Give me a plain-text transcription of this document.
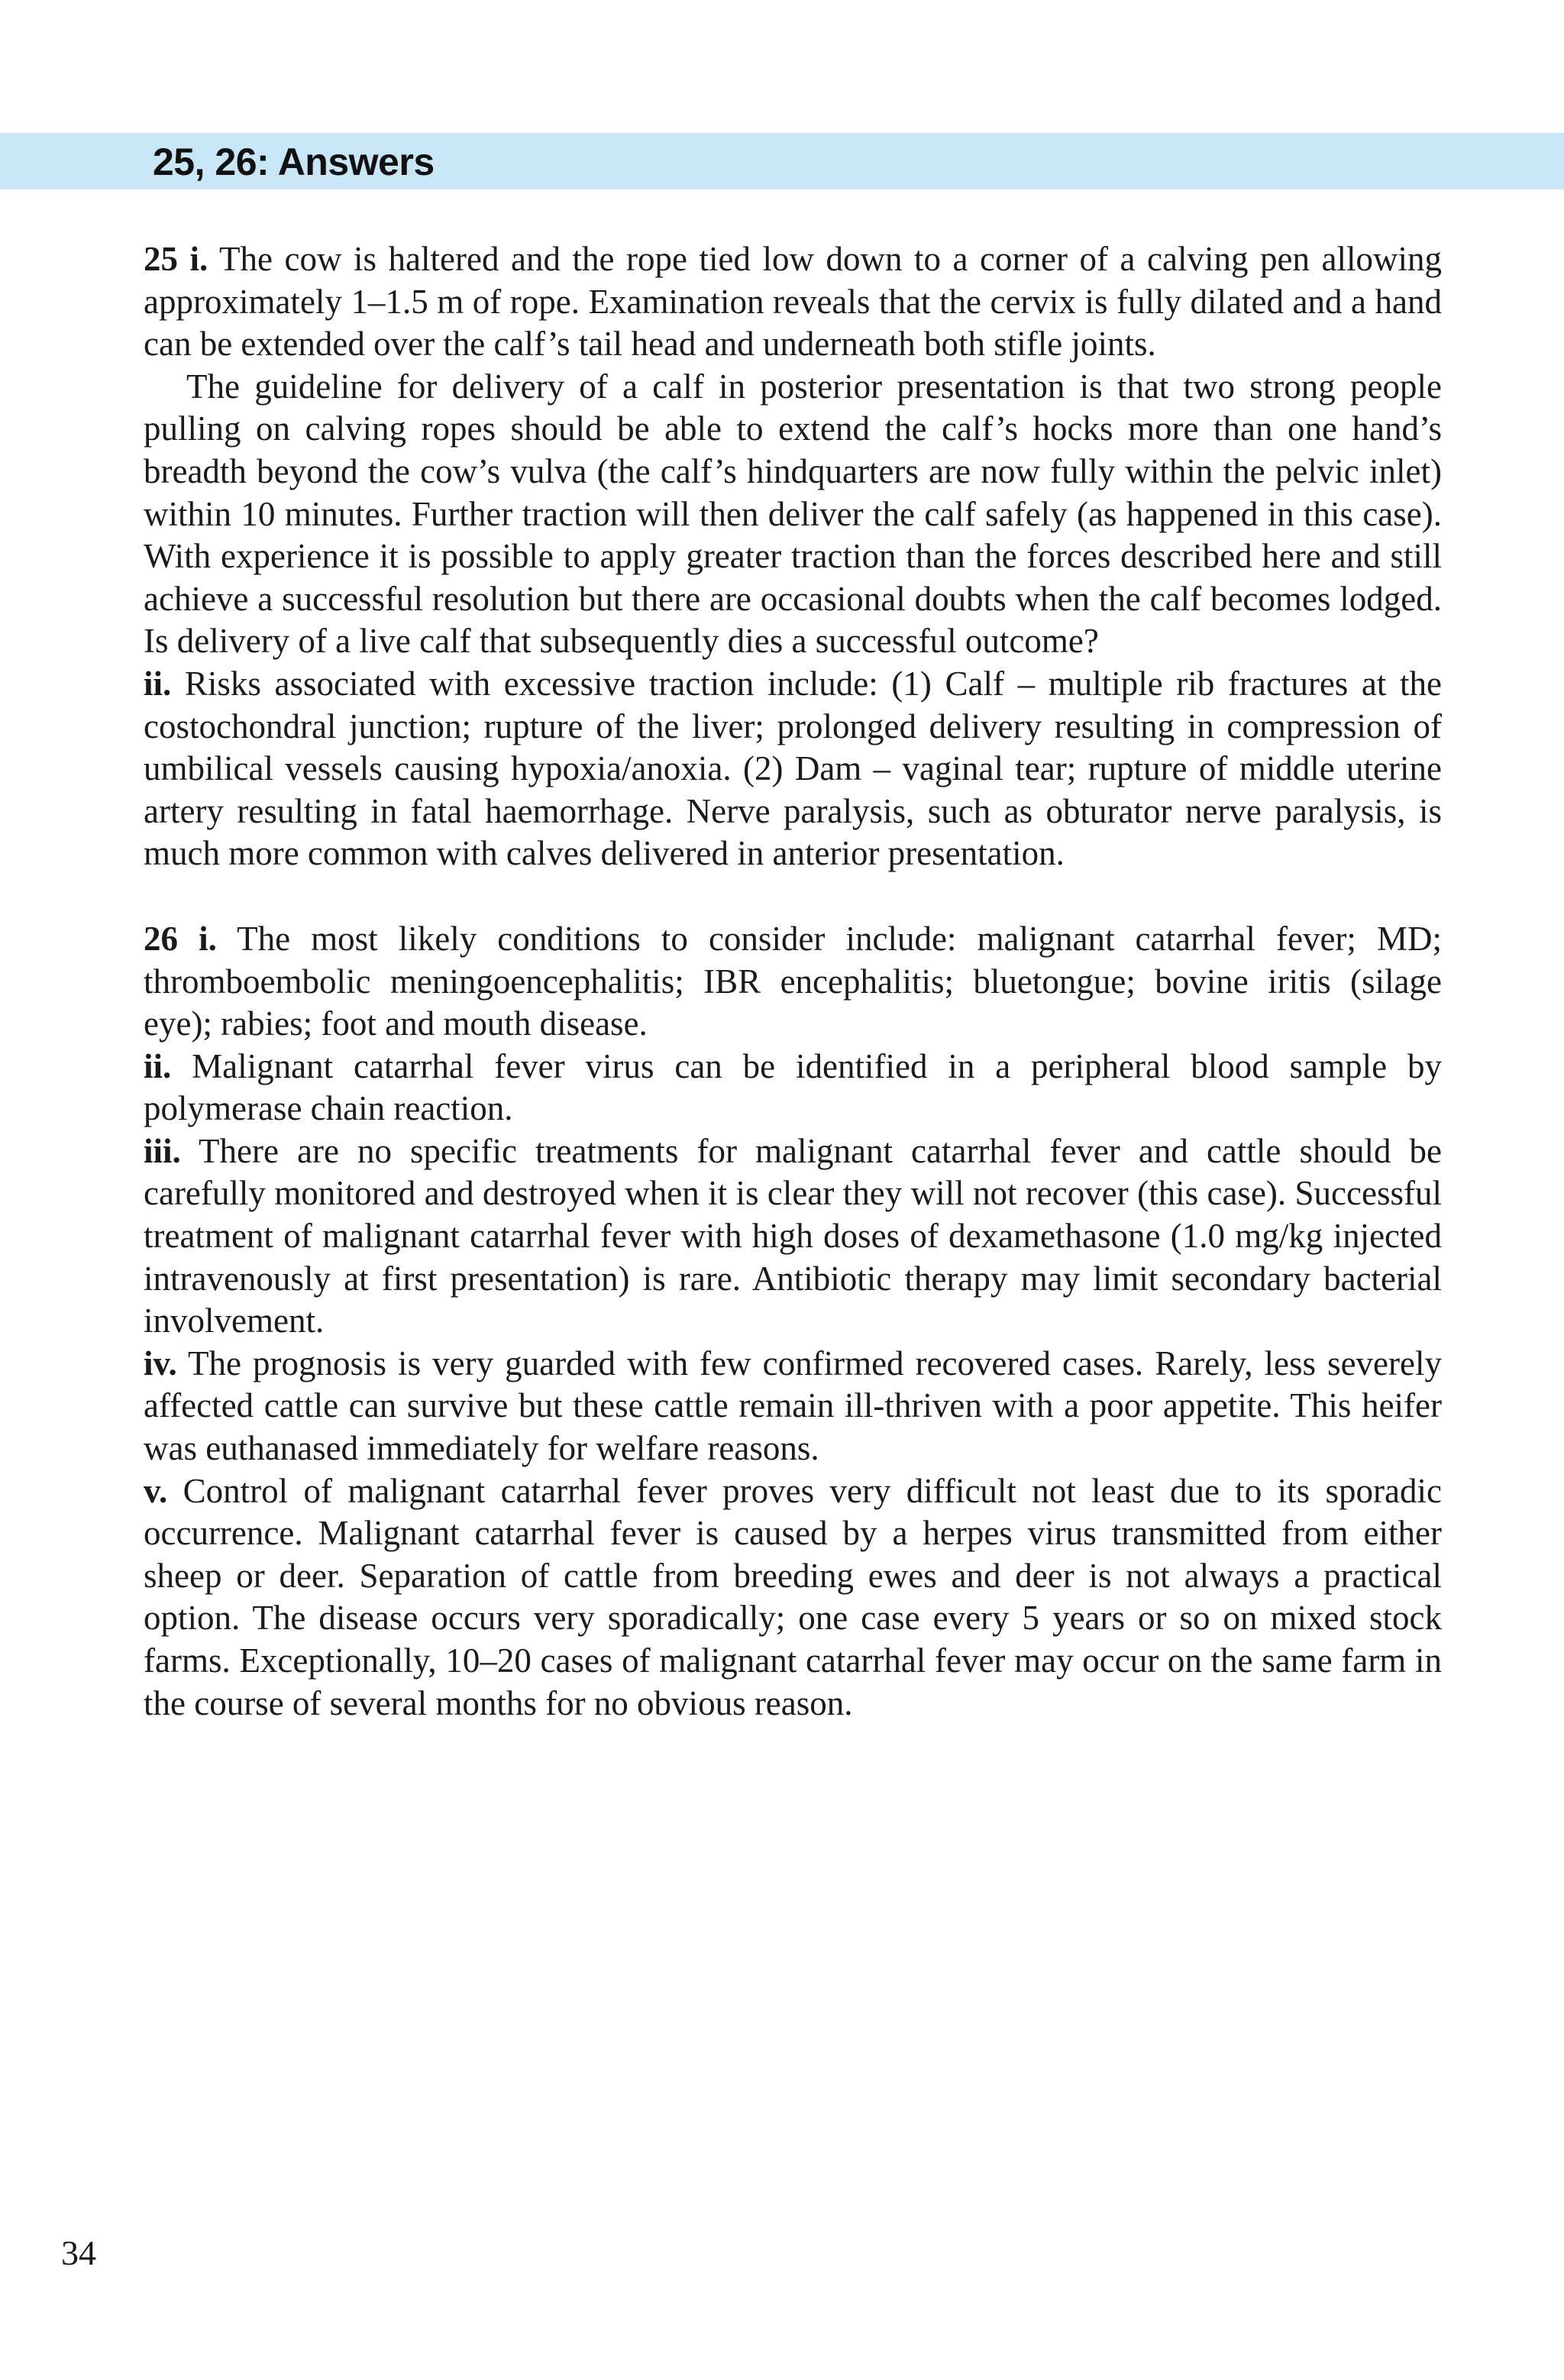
25, 26: Answers

25 i. The cow is haltered and the rope tied low down to a corner of a calving pen allowing approximately 1–1.5 m of rope. Examination reveals that the cervix is fully dilated and a hand can be extended over the calf’s tail head and underneath both stifle joints.

The guideline for delivery of a calf in posterior presentation is that two strong people pulling on calving ropes should be able to extend the calf’s hocks more than one hand’s breadth beyond the cow’s vulva (the calf’s hindquarters are now fully within the pelvic inlet) within 10 minutes. Further traction will then deliver the calf safely (as happened in this case). With experience it is possible to apply greater traction than the forces described here and still achieve a successful resolution but there are occasional doubts when the calf becomes lodged. Is delivery of a live calf that subsequently dies a successful outcome?

ii. Risks associated with excessive traction include: (1) Calf – multiple rib fractures at the costochondral junction; rupture of the liver; prolonged delivery resulting in compression of umbilical vessels causing hypoxia/anoxia. (2) Dam – vaginal tear; rupture of middle uterine artery resulting in fatal haemorrhage. Nerve paralysis, such as obturator nerve paralysis, is much more common with calves delivered in anterior presentation.

26 i. The most likely conditions to consider include: malignant catarrhal fever; MD; thromboembolic meningoencephalitis; IBR encephalitis; bluetongue; bovine iritis (silage eye); rabies; foot and mouth disease.

ii. Malignant catarrhal fever virus can be identified in a peripheral blood sample by polymerase chain reaction.

iii. There are no specific treatments for malignant catarrhal fever and cattle should be carefully monitored and destroyed when it is clear they will not recover (this case). Successful treatment of malignant catarrhal fever with high doses of dexamethasone (1.0 mg/kg injected intravenously at first presentation) is rare. Antibiotic therapy may limit secondary bacterial involvement.

iv. The prognosis is very guarded with few confirmed recovered cases. Rarely, less severely affected cattle can survive but these cattle remain ill-thriven with a poor appetite. This heifer was euthanased immediately for welfare reasons.

v. Control of malignant catarrhal fever proves very difficult not least due to its sporadic occurrence. Malignant catarrhal fever is caused by a herpes virus transmitted from either sheep or deer. Separation of cattle from breeding ewes and deer is not always a practical option. The disease occurs very sporadically; one case every 5 years or so on mixed stock farms. Exceptionally, 10–20 cases of malignant catarrhal fever may occur on the same farm in the course of several months for no obvious reason.

34
